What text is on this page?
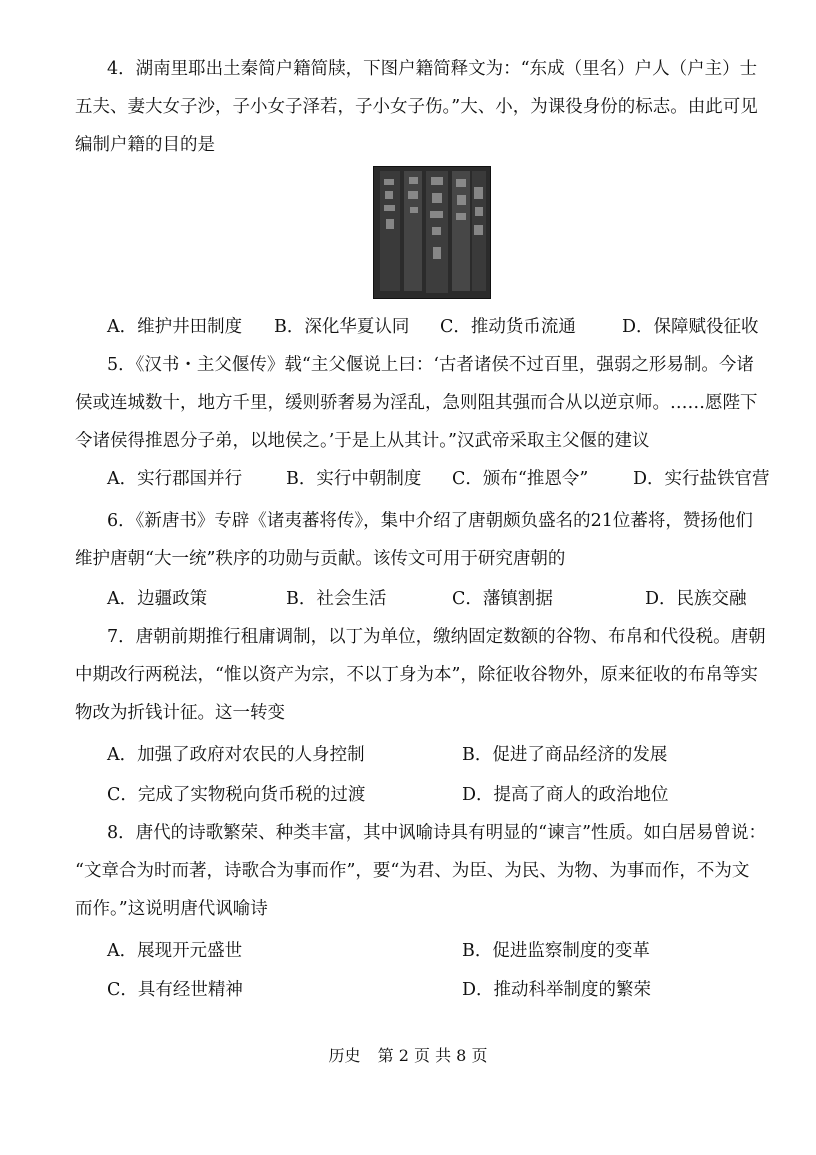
4．湖南里耶出土秦简户籍简牍，下图户籍简释文为：“东成（里名）户人（户主）士
五夫、妻大女子沙，子小女子泽若，子小女子伤。”大、小，为课役身份的标志。由此可见
编制户籍的目的是
A．维护井田制度 B．深化华夏认同 C．推动货币流通	D．保障赋役征收
5．《汉书・主父偃传》载“主父偃说上曰：‘古者诸侯不过百里，强弱之形易制。今诸
侯或连城数十，地方千里，缓则骄奢易为淫乱，急则阻其强而合从以逆京师。……愿陛下
令诸侯得推恩分子弟，以地侯之。’于是上从其计。”汉武帝采取主父偃的建议
A．实行郡国并行	B．实行中朝制度 C．颁布“推恩令”	D．实行盐铁官营
6．《新唐书》专辟《诸夷蕃将传》，集中介绍了唐朝颇负盛名的21位蕃将，赞扬他们
维护唐朝“大一统”秩序的功勋与贡献。该传文可用于研究唐朝的
A．边疆政策	B．社会生活	C．藩镇割据	D．民族交融
7．唐朝前期推行租庸调制，以丁为单位，缴纳固定数额的谷物、布帛和代役税。唐朝
中期改行两税法，“惟以资产为宗，不以丁身为本”，除征收谷物外，原来征收的布帛等实
物改为折钱计征。这一转变
A．加强了政府对农民的人身控制	B．促进了商品经济的发展
C．完成了实物税向货币税的过渡	D．提高了商人的政治地位
8．唐代的诗歌繁荣、种类丰富，其中讽喻诗具有明显的“谏言”性质。如白居易曾说：
“文章合为时而著，诗歌合为事而作”，要“为君、为臣、为民、为物、为事而作，不为文
而作。”这说明唐代讽喻诗
A．展现开元盛世	B．促进监察制度的变革
C．具有经世精神	D．推动科举制度的繁荣
历史 第 2 页 共 8 页
